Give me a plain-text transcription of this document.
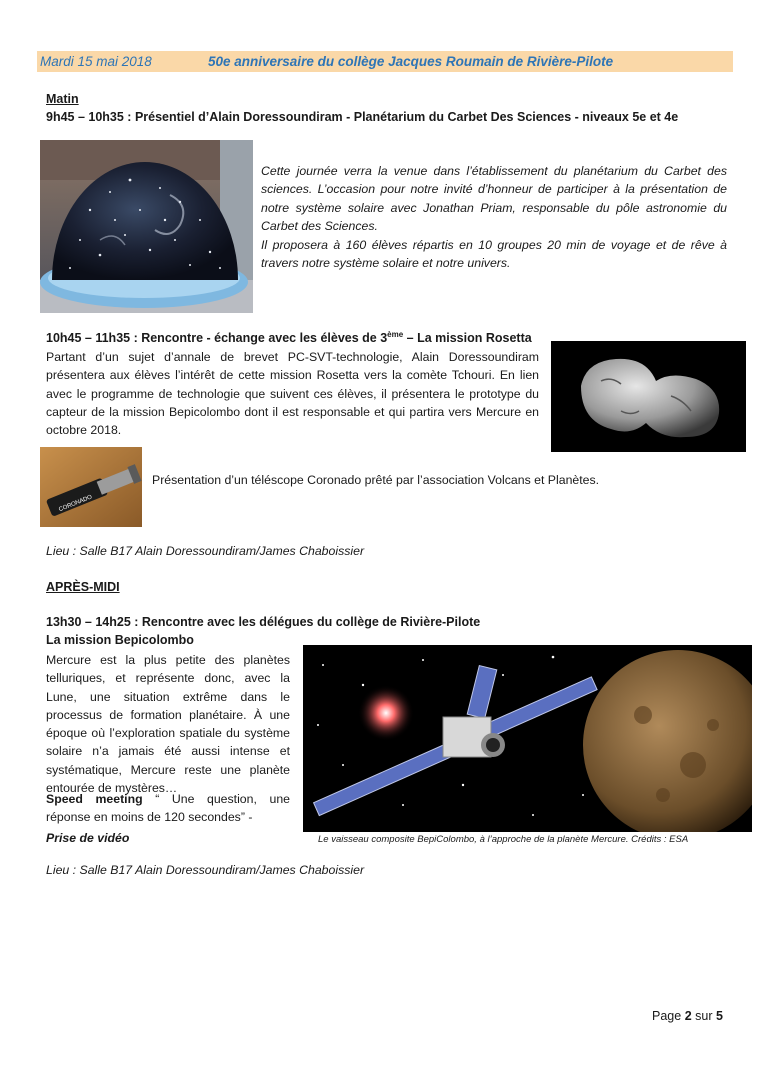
Mardi 15 mai 2018	50e anniversaire du collège Jacques Roumain de Rivière-Pilote
Matin
9h45 – 10h35 : Présentiel d’Alain Doressoundiram - Planétarium du Carbet Des Sciences - niveaux 5e et 4e
Cette journée verra la venue dans l’établissement du planétarium du Carbet des sciences. L’occasion pour notre invité d’honneur de participer à la présentation de notre système solaire avec Jonathan Priam, responsable du pôle astronomie du Carbet des Sciences.
Il proposera à 160 élèves répartis en 10 groupes 20 min de voyage et de rêve à travers notre système solaire et notre univers.
10h45 – 11h35 : Rencontre - échange avec les élèves de 3ème – La mission Rosetta
Partant d’un sujet d’annale de brevet PC-SVT-technologie, Alain Doressoundiram présentera aux élèves l’intérêt de cette mission Rosetta vers la comète Tchouri. En lien avec le programme de technologie que suivent ces élèves, il présentera le prototype du capteur de la mission Bepicolombo dont il est responsable et qui partira vers Mercure en octobre 2018.
CORONADO
Présentation d’un téléscope Coronado prêté par l’association Volcans et Planètes.
Lieu : Salle B17 Alain Doressoundiram/James Chaboissier
APRÈS-MIDI
13h30 – 14h25 : Rencontre avec les délégues du collège de Rivière-Pilote
La mission Bepicolombo
Mercure est la plus petite des planètes telluriques, et représente donc, avec la Lune, une situation extrême dans le processus de formation planétaire. À une époque où l’exploration spatiale du système solaire n’a jamais été aussi intense et systématique, Mercure reste une planète entourée de mystères…
Speed meeting “ Une question, une réponse en moins de 120 secondes” -
Prise de vidéo	Le vaisseau composite BepiColombo, à l’approche de la planète Mercure. Crédits : ESA
Lieu : Salle B17 Alain Doressoundiram/James Chaboissier
Page 2 sur 5
